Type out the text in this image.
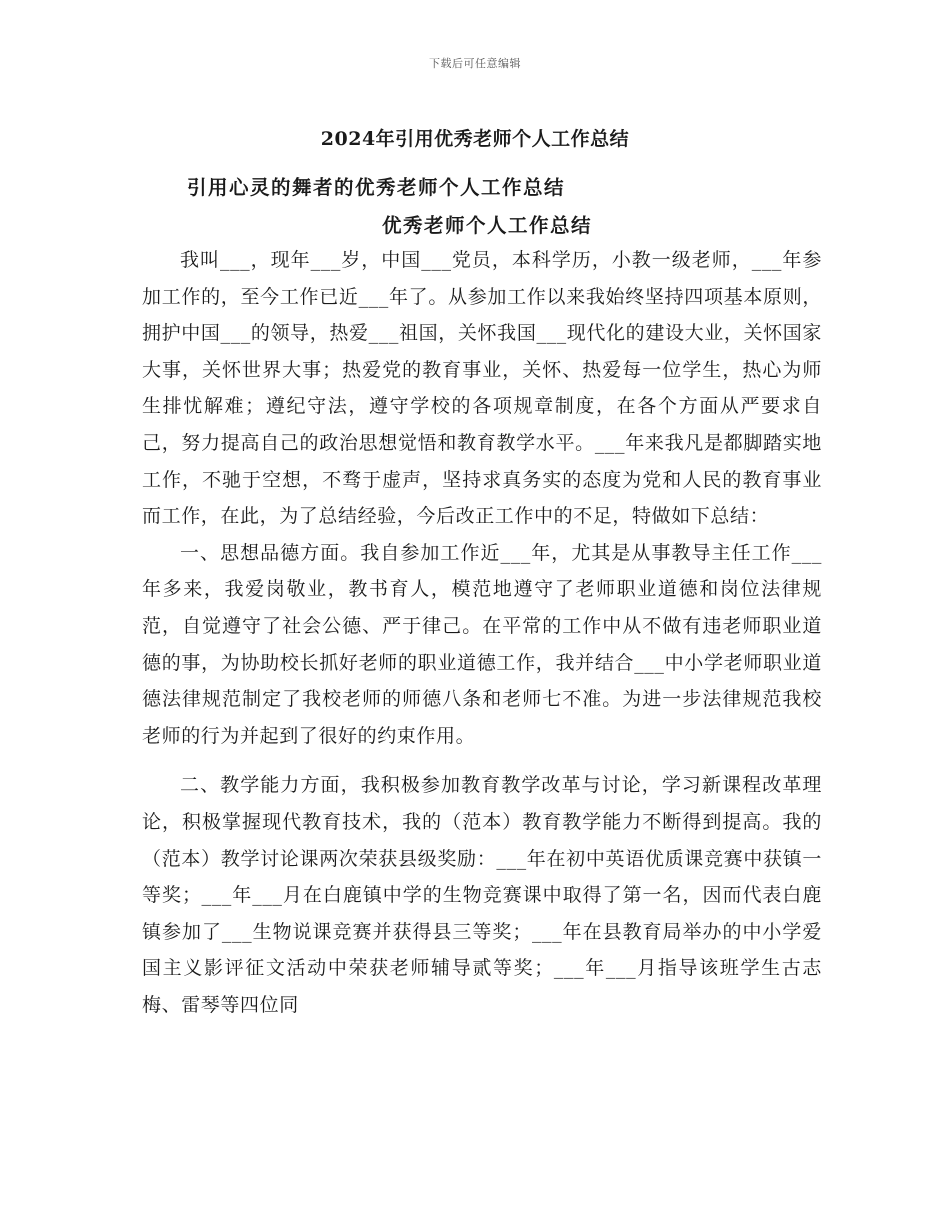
下载后可任意编辑
2024年引用优秀老师个人工作总结
引用心灵的舞者的优秀老师个人工作总结
优秀老师个人工作总结

我叫___，现年___岁，中国___党员，本科学历，小教一级老师，___年参加工作的，至今工作已近___年了。从参加工作以来我始终坚持四项基本原则，拥护中国___的领导，热爱___祖国，关怀我国___现代化的建设大业，关怀国家大事，关怀世界大事；热爱党的教育事业，关怀、热爱每一位学生，热心为师生排忧解难；遵纪守法，遵守学校的各项规章制度，在各个方面从严要求自己，努力提高自己的政治思想觉悟和教育教学水平。___年来我凡是都脚踏实地工作，不驰于空想，不骛于虚声，坚持求真务实的态度为党和人民的教育事业而工作，在此，为了总结经验，今后改正工作中的不足，特做如下总结：

一、思想品德方面。我自参加工作近___年，尤其是从事教导主任工作___年多来，我爱岗敬业，教书育人，模范地遵守了老师职业道德和岗位法律规范，自觉遵守了社会公德、严于律己。在平常的工作中从不做有违老师职业道德的事，为协助校长抓好老师的职业道德工作，我并结合___中小学老师职业道德法律规范制定了我校老师的师德八条和老师七不准。为进一步法律规范我校老师的行为并起到了很好的约束作用。

二、教学能力方面，我积极参加教育教学改革与讨论，学习新课程改革理论，积极掌握现代教育技术，我的（范本）教育教学能力不断得到提高。我的（范本）教学讨论课两次荣获县级奖励：___年在初中英语优质课竞赛中获镇一等奖；___年___月在白鹿镇中学的生物竞赛课中取得了第一名，因而代表白鹿镇参加了___生物说课竞赛并获得县三等奖；___年在县教育局举办的中小学爱国主义影评征文活动中荣获老师辅导贰等奖；___年___月指导该班学生古志梅、雷琴等四位同
